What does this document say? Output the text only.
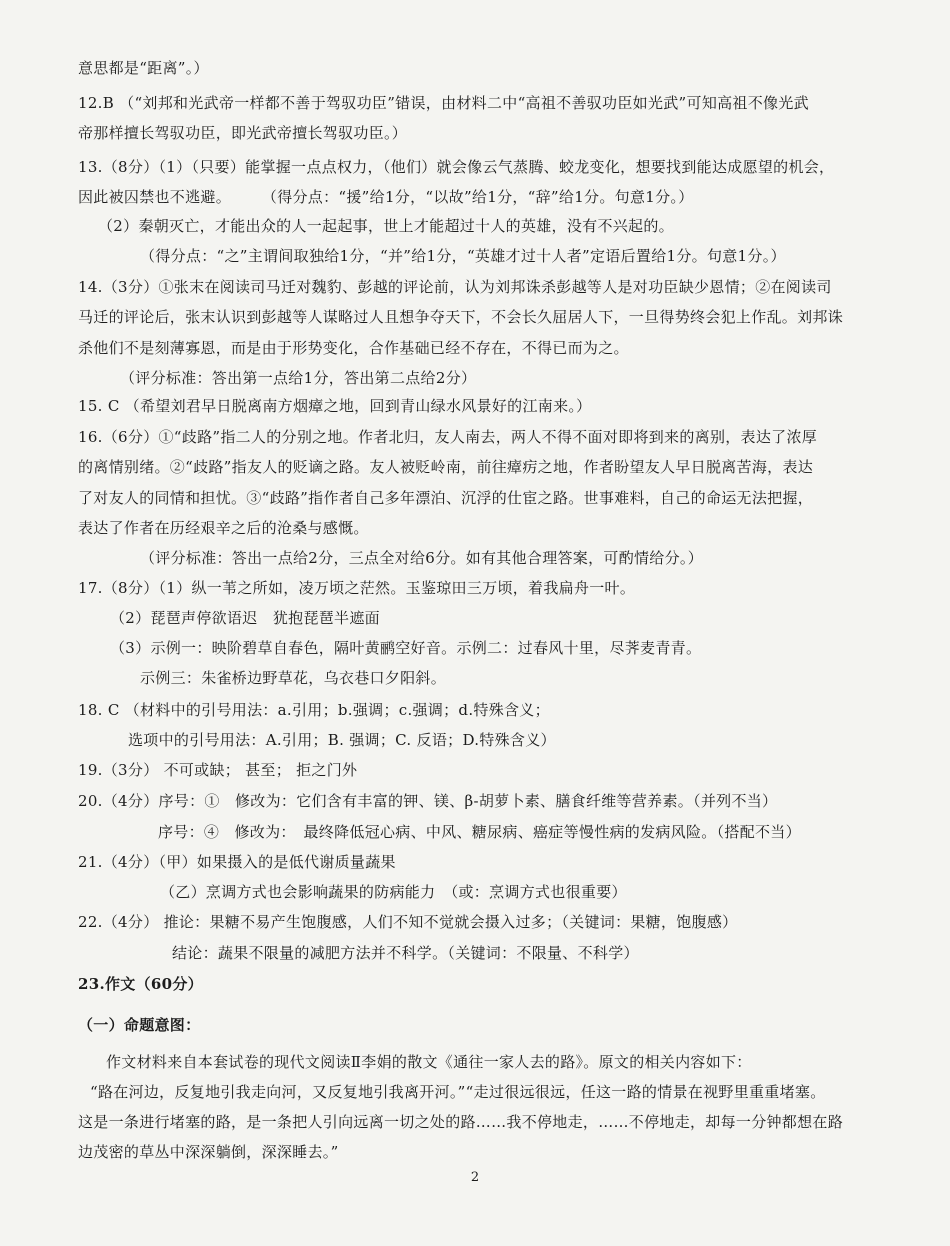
意思都是“距离”。）
12.B （“刘邦和光武帝一样都不善于驾驭功臣”错误，由材料二中“高祖不善驭功臣如光武”可知高祖不像光武
帝那样擅长驾驭功臣，即光武帝擅长驾驭功臣。）
13.（8分）（1）（只要）能掌握一点点权力，（他们）就会像云气蒸腾、蛟龙变化，想要找到能达成愿望的机会，
因此被囚禁也不逃避。　　　（得分点：“援”给1分，“以故”给1分，“辞”给1分。句意1分。）
（2）秦朝灭亡，才能出众的人一起起事，世上才能超过十人的英雄，没有不兴起的。
（得分点：“之”主谓间取独给1分，“并”给1分，“英雄才过十人者”定语后置给1分。句意1分。）
14.（3分）①张末在阅读司马迁对魏豹、彭越的评论前，认为刘邦诛杀彭越等人是对功臣缺少恩情；②在阅读司
马迁的评论后，张末认识到彭越等人谋略过人且想争夺天下，不会长久屈居人下，一旦得势终会犯上作乱。刘邦诛
杀他们不是刻薄寡恩，而是由于形势变化，合作基础已经不存在，不得已而为之。
（评分标准：答出第一点给1分，答出第二点给2分）
15. C （希望刘君早日脱离南方烟瘴之地，回到青山绿水风景好的江南来。）
16.（6分）①“歧路”指二人的分别之地。作者北归，友人南去，两人不得不面对即将到来的离别，表达了浓厚
的离情别绪。②“歧路”指友人的贬谪之路。友人被贬岭南，前往瘴疠之地，作者盼望友人早日脱离苦海，表达
了对友人的同情和担忧。③“歧路”指作者自己多年漂泊、沉浮的仕宦之路。世事难料，自己的命运无法把握，
表达了作者在历经艰辛之后的沧桑与感慨。
（评分标准：答出一点给2分，三点全对给6分。如有其他合理答案，可酌情给分。）
17.（8分）（1）纵一苇之所如，凌万顷之茫然。玉鉴琼田三万顷，着我扁舟一叶。
（2）琵琶声停欲语迟　犹抱琵琶半遮面
（3）示例一：映阶碧草自春色，隔叶黄鹂空好音。示例二：过春风十里，尽荠麦青青。
示例三：朱雀桥边野草花，乌衣巷口夕阳斜。
18. C （材料中的引号用法：a.引用；b.强调；c.强调；d.特殊含义；
选项中的引号用法：A.引用；B. 强调；C. 反语；D.特殊含义）
19.（3分） 不可或缺； 甚至； 拒之门外
20.（4分）序号：①　修改为：它们含有丰富的钾、镁、β-胡萝卜素、膳食纤维等营养素。（并列不当）
序号：④　修改为：　最终降低冠心病、中风、糖尿病、癌症等慢性病的发病风险。（搭配不当）
21.（4分）（甲）如果摄入的是低代谢质量蔬果
（乙）烹调方式也会影响蔬果的防病能力　（或：烹调方式也很重要）
22.（4分） 推论：果糖不易产生饱腹感，人们不知不觉就会摄入过多；（关键词：果糖，饱腹感）
结论：蔬果不限量的减肥方法并不科学。（关键词：不限量、不科学）
23.作文（60分）
（一）命题意图：
作文材料来自本套试卷的现代文阅读Ⅱ李娟的散文《通往一家人去的路》。原文的相关内容如下：
“路在河边，反复地引我走向河，又反复地引我离开河。”“走过很远很远，任这一路的情景在视野里重重堵塞。
这是一条进行堵塞的路，是一条把人引向远离一切之处的路……我不停地走，……不停地走，却每一分钟都想在路
边茂密的草丛中深深躺倒，深深睡去。”
2
